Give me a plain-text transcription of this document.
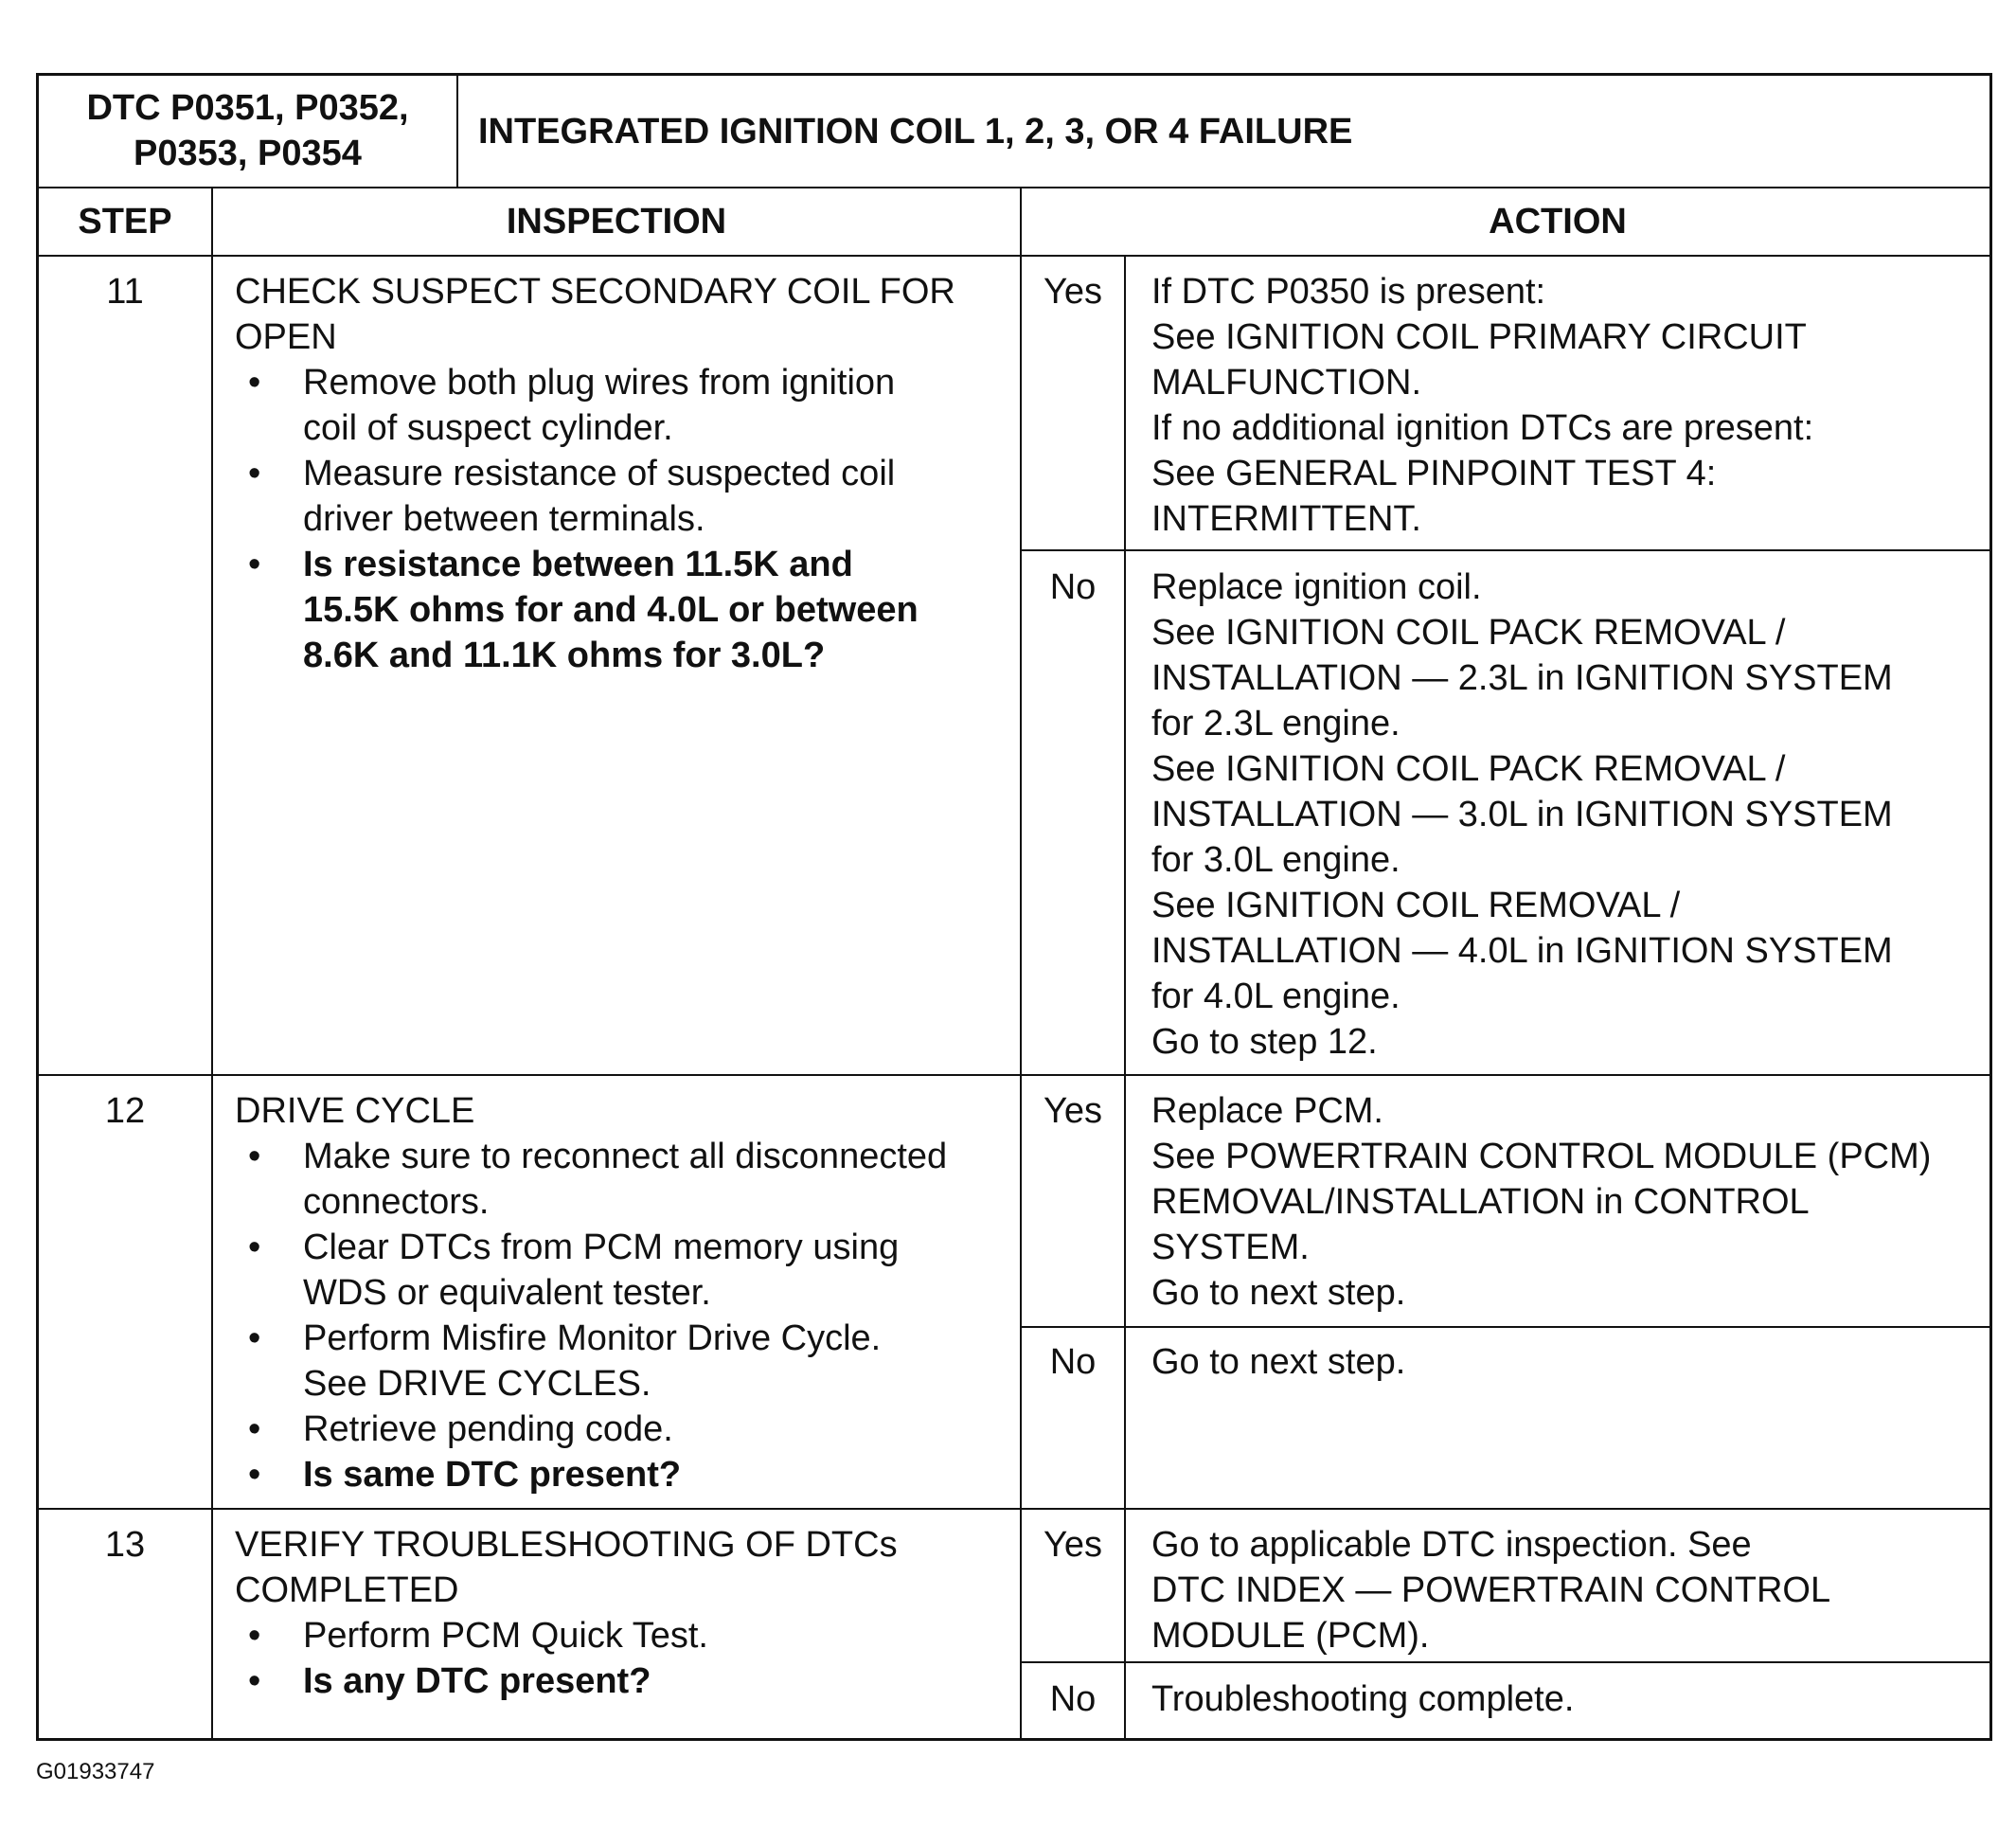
DTC P0351, P0352,
P0353, P0354
INTEGRATED IGNITION COIL 1, 2, 3, OR 4 FAILURE
STEP	INSPECTION	ACTION
11	CHECK SUSPECT SECONDARY COIL FOR
OPEN
• Remove both plug wires from ignition
coil of suspect cylinder.
• Measure resistance of suspected coil
driver between terminals.
• Is resistance between 11.5K and
15.5K ohms for and 4.0L or between
8.6K and 11.1K ohms for 3.0L?
Yes	If DTC P0350 is present:
See IGNITION COIL PRIMARY CIRCUIT
MALFUNCTION.
If no additional ignition DTCs are present:
See GENERAL PINPOINT TEST 4:
INTERMITTENT.
No	Replace ignition coil.
See IGNITION COIL PACK REMOVAL /
INSTALLATION — 2.3L in IGNITION SYSTEM
for 2.3L engine.
See IGNITION COIL PACK REMOVAL /
INSTALLATION — 3.0L in IGNITION SYSTEM
for 3.0L engine.
See IGNITION COIL REMOVAL /
INSTALLATION — 4.0L in IGNITION SYSTEM
for 4.0L engine.
Go to step 12.
12	DRIVE CYCLE
• Make sure to reconnect all disconnected
connectors.
• Clear DTCs from PCM memory using
WDS or equivalent tester.
• Perform Misfire Monitor Drive Cycle.
See DRIVE CYCLES.
• Retrieve pending code.
• Is same DTC present?
Yes	Replace PCM.
See POWERTRAIN CONTROL MODULE (PCM)
REMOVAL/INSTALLATION in CONTROL
SYSTEM.
Go to next step.
No	Go to next step.
13	VERIFY TROUBLESHOOTING OF DTCs
COMPLETED
• Perform PCM Quick Test.
• Is any DTC present?
Yes	Go to applicable DTC inspection. See
DTC INDEX — POWERTRAIN CONTROL
MODULE (PCM).
No	Troubleshooting complete.
G01933747
